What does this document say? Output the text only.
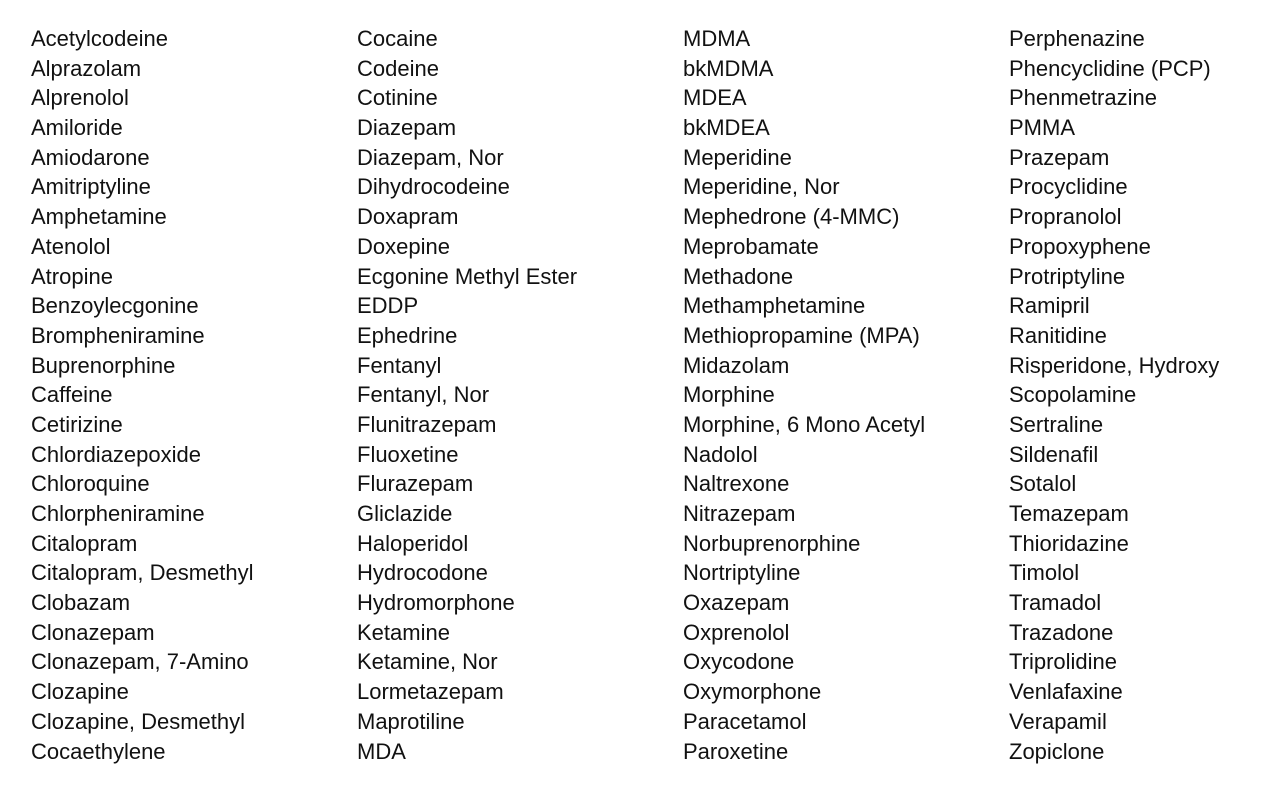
Acetylcodeine
Alprazolam
Alprenolol
Amiloride
Amiodarone
Amitriptyline
Amphetamine
Atenolol
Atropine
Benzoylecgonine
Brompheniramine
Buprenorphine
Caffeine
Cetirizine
Chlordiazepoxide
Chloroquine
Chlorpheniramine
Citalopram
Citalopram, Desmethyl
Clobazam
Clonazepam
Clonazepam, 7-Amino
Clozapine
Clozapine, Desmethyl
Cocaethylene
Cocaine
Codeine
Cotinine
Diazepam
Diazepam, Nor
Dihydrocodeine
Doxapram
Doxepine
Ecgonine Methyl Ester
EDDP
Ephedrine
Fentanyl
Fentanyl, Nor
Flunitrazepam
Fluoxetine
Flurazepam
Gliclazide
Haloperidol
Hydrocodone
Hydromorphone
Ketamine
Ketamine, Nor
Lormetazepam
Maprotiline
MDA
MDMA
bkMDMA
MDEA
bkMDEA
Meperidine
Meperidine, Nor
Mephedrone (4-MMC)
Meprobamate
Methadone
Methamphetamine
Methiopropamine (MPA)
Midazolam
Morphine
Morphine, 6 Mono Acetyl
Nadolol
Naltrexone
Nitrazepam
Norbuprenorphine
Nortriptyline
Oxazepam
Oxprenolol
Oxycodone
Oxymorphone
Paracetamol
Paroxetine
Perphenazine
Phencyclidine (PCP)
Phenmetrazine
PMMA
Prazepam
Procyclidine
Propranolol
Propoxyphene
Protriptyline
Ramipril
Ranitidine
Risperidone, Hydroxy
Scopolamine
Sertraline
Sildenafil
Sotalol
Temazepam
Thioridazine
Timolol
Tramadol
Trazadone
Triprolidine
Venlafaxine
Verapamil
Zopiclone
